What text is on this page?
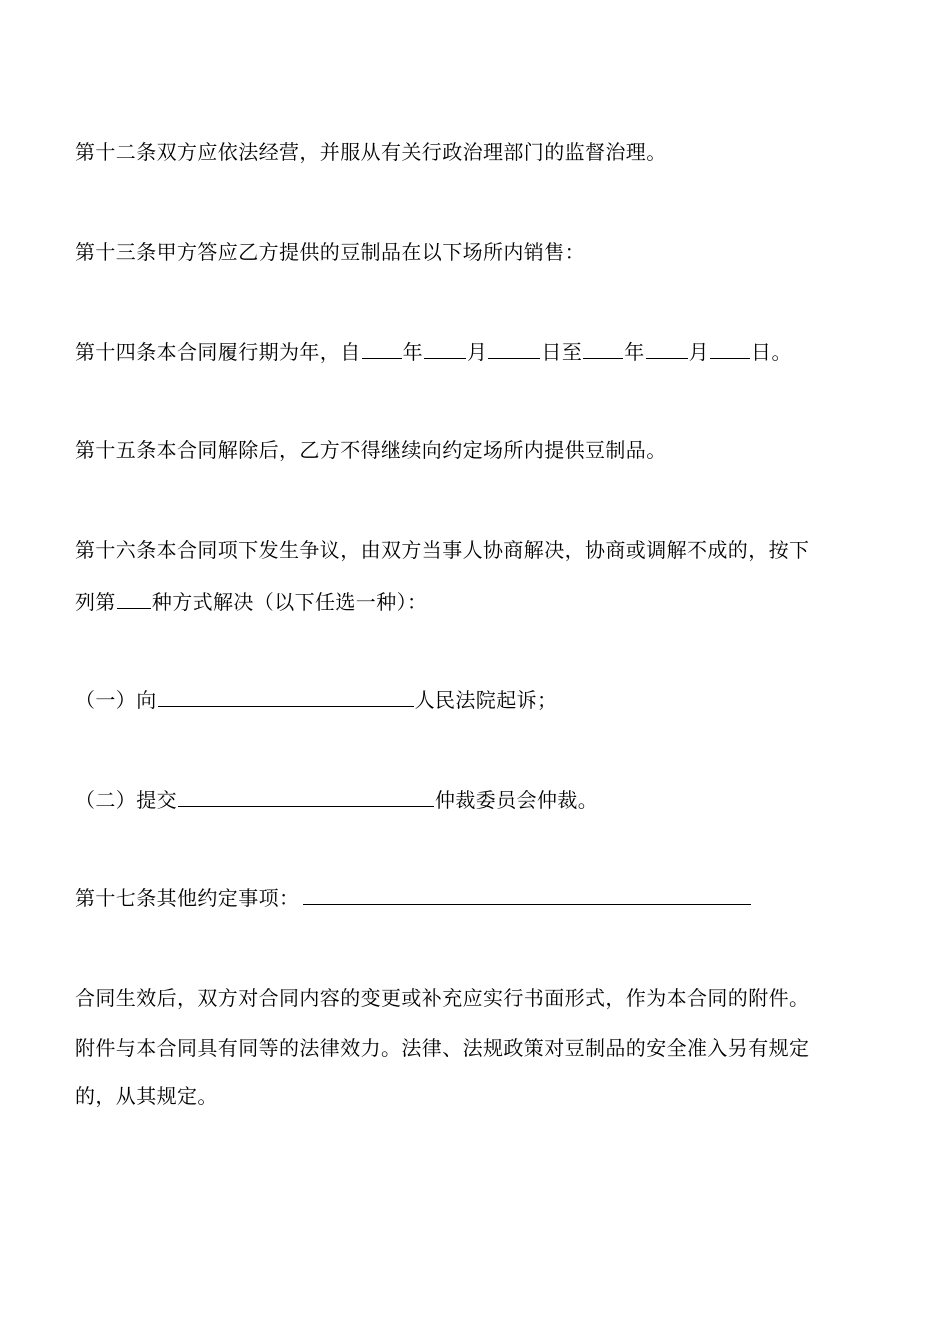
第十二条双方应依法经营，并服从有关行政治理部门的监督治理。
第十三条甲方答应乙方提供的豆制品在以下场所内销售：
第十四条本合同履行期为年，自 年 月	日至 年 月 日。
第十五条本合同解除后，乙方不得继续向约定场所内提供豆制品。
第十六条本合同项下发生争议，由双方当事人协商解决，协商或调解不成的，按下
列第 种方式解决（以下任选一种）：
（一）向	人民法院起诉；
（二）提交	仲裁委员会仲裁。
第十七条其他约定事项：
合同生效后，双方对合同内容的变更或补充应实行书面形式，作为本合同的附件。
附件与本合同具有同等的法律效力。法律、法规政策对豆制品的安全准入另有规定
的，从其规定。
